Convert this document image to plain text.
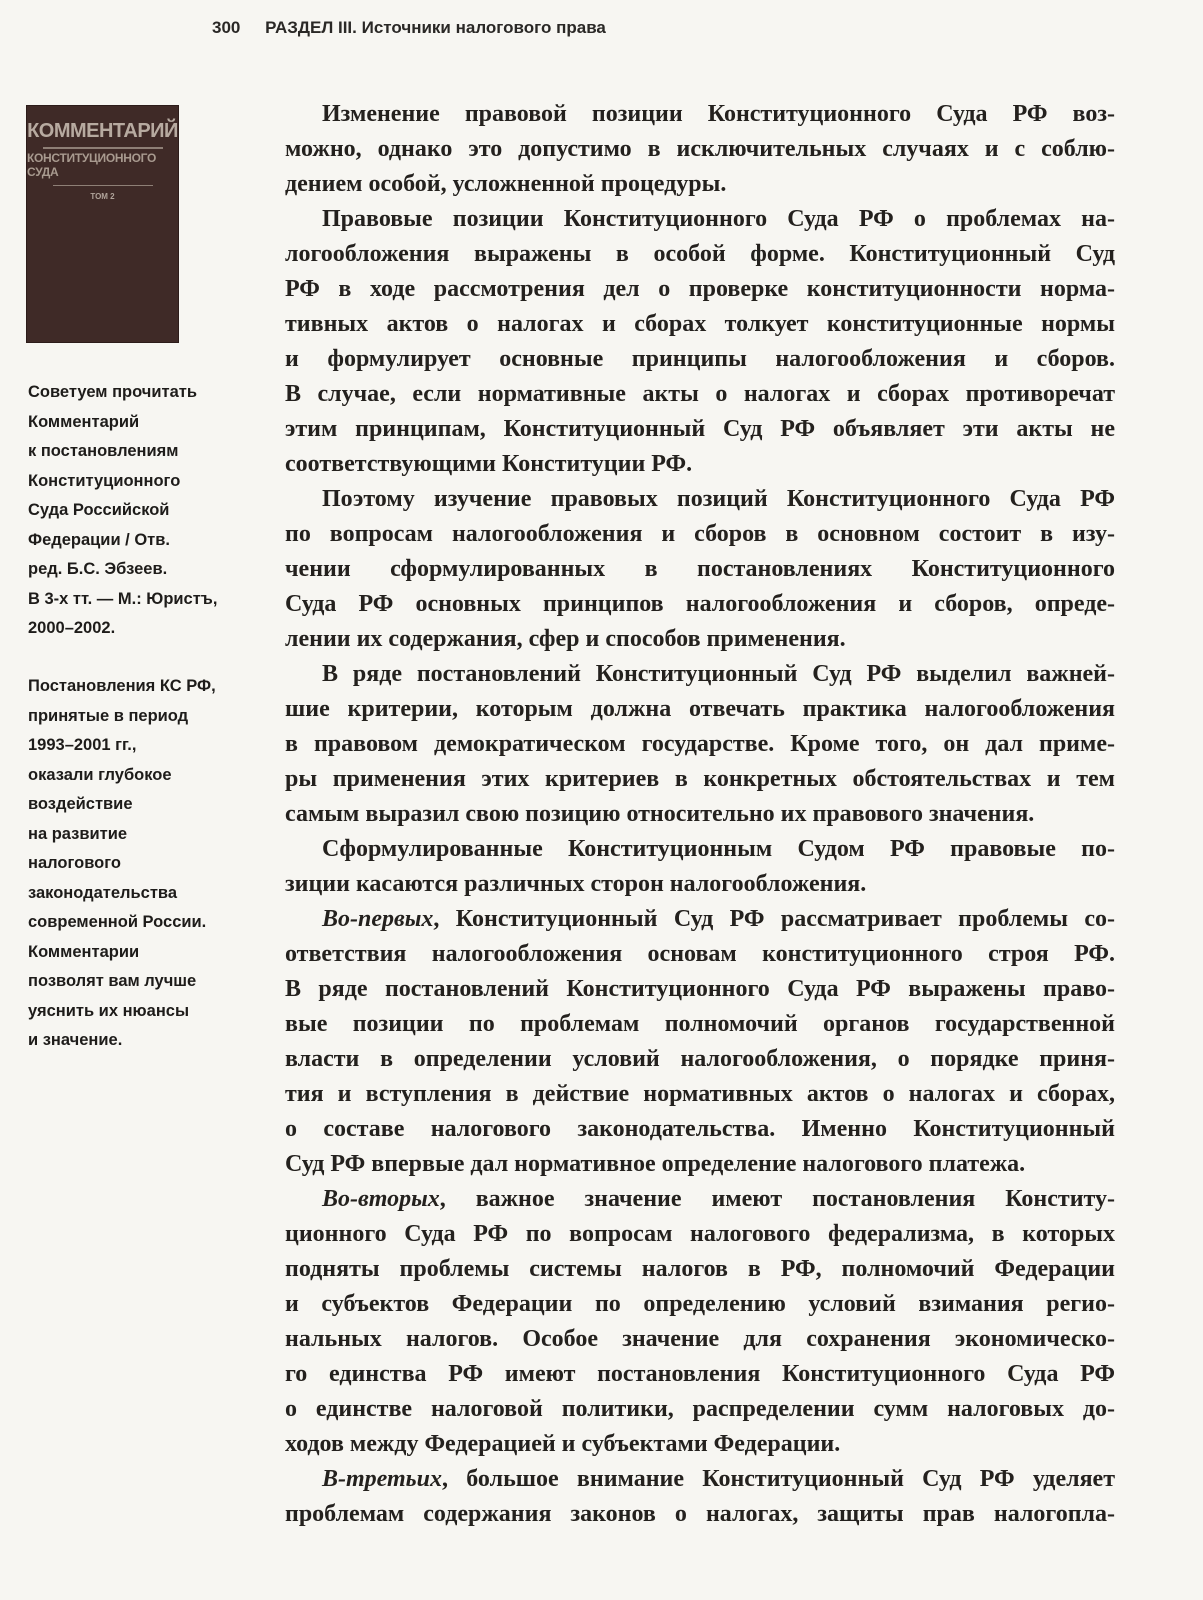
300 РАЗДЕЛ III. Источники налогового права
КОММЕНТАРИЙ
КОНСТИТУЦИОННОГО СУДА
ТОМ 2
Советуем прочитать
Комментарий
к постановлениям
Конституционного
Суда Российской
Федерации / Отв.
ред. Б.С. Эбзеев.
В 3-х тт. — М.: Юристъ,
2000–2002.
Постановления КС РФ,
принятые в период
1993–2001 гг.,
оказали глубокое
воздействие
на развитие
налогового
законодательства
современной России.
Комментарии
позволят вам лучше
уяснить их нюансы
и значение.
Изменение правовой позиции Конституционного Суда РФ воз-
можно, однако это допустимо в исключительных случаях и с соблю-
дением особой, усложненной процедуры.
Правовые позиции Конституционного Суда РФ о проблемах на-
логообложения выражены в особой форме. Конституционный Суд
РФ в ходе рассмотрения дел о проверке конституционности норма-
тивных актов о налогах и сборах толкует конституционные нормы
и формулирует основные принципы налогообложения и сборов.
В случае, если нормативные акты о налогах и сборах противоречат
этим принципам, Конституционный Суд РФ объявляет эти акты не
соответствующими Конституции РФ.
Поэтому изучение правовых позиций Конституционного Суда РФ
по вопросам налогообложения и сборов в основном состоит в изу-
чении сформулированных в постановлениях Конституционного
Суда РФ основных принципов налогообложения и сборов, опреде-
лении их содержания, сфер и способов применения.
В ряде постановлений Конституционный Суд РФ выделил важней-
шие критерии, которым должна отвечать практика налогообложения
в правовом демократическом государстве. Кроме того, он дал приме-
ры применения этих критериев в конкретных обстоятельствах и тем
самым выразил свою позицию относительно их правового значения.
Сформулированные Конституционным Судом РФ правовые по-
зиции касаются различных сторон налогообложения.
Во-первых, Конституционный Суд РФ рассматривает проблемы со-
ответствия налогообложения основам конституционного строя РФ.
В ряде постановлений Конституционного Суда РФ выражены право-
вые позиции по проблемам полномочий органов государственной
власти в определении условий налогообложения, о порядке приня-
тия и вступления в действие нормативных актов о налогах и сборах,
о составе налогового законодательства. Именно Конституционный
Суд РФ впервые дал нормативное определение налогового платежа.
Во-вторых, важное значение имеют постановления Конститу-
ционного Суда РФ по вопросам налогового федерализма, в которых
подняты проблемы системы налогов в РФ, полномочий Федерации
и субъектов Федерации по определению условий взимания регио-
нальных налогов. Особое значение для сохранения экономическо-
го единства РФ имеют постановления Конституционного Суда РФ
о единстве налоговой политики, распределении сумм налоговых до-
ходов между Федерацией и субъектами Федерации.
В-третьих, большое внимание Конституционный Суд РФ уделяет
проблемам содержания законов о налогах, защиты прав налогопла-
